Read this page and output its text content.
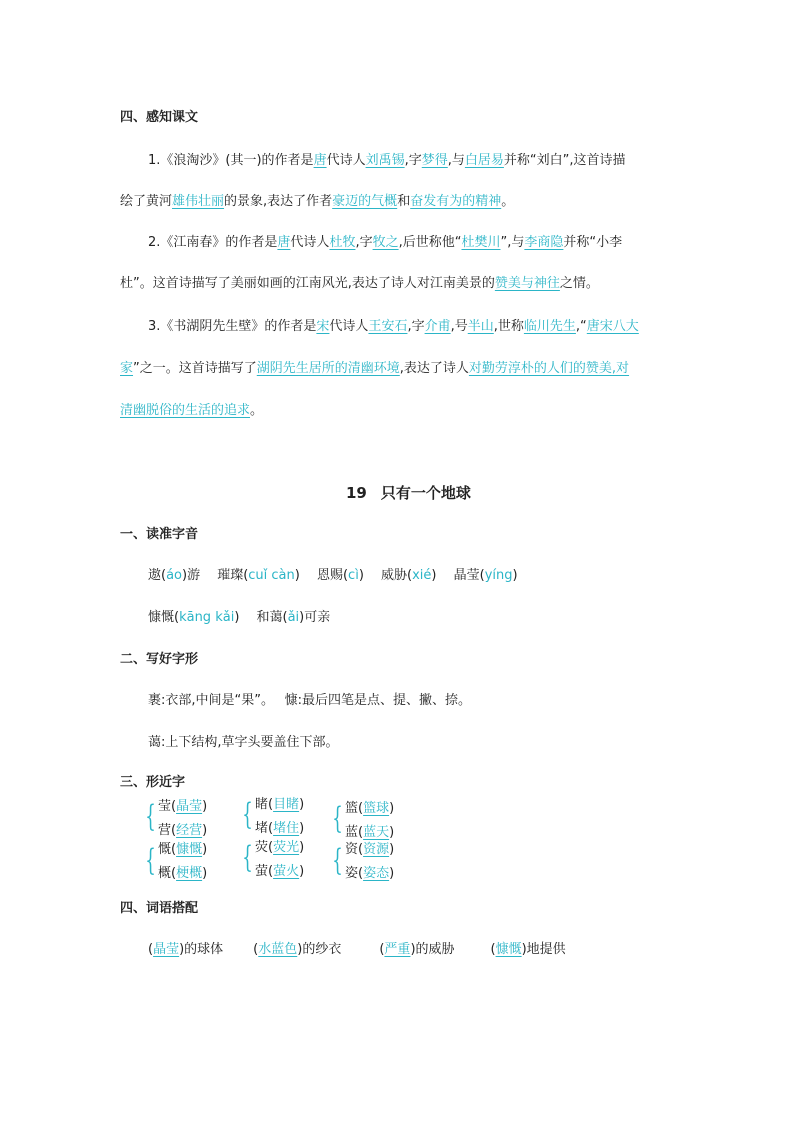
四、感知课文
1.《浪淘沙》(其一)的作者是唐代诗人刘禹锡,字梦得,与白居易并称“刘白”,这首诗描
绘了黄河雄伟壮丽的景象,表达了作者豪迈的气概和奋发有为的精神。
2.《江南春》的作者是唐代诗人杜牧,字牧之,后世称他“杜樊川”,与李商隐并称“小李
杜”。这首诗描写了美丽如画的江南风光,表达了诗人对江南美景的赞美与神往之情。
3.《书湖阴先生壁》的作者是宋代诗人王安石,字介甫,号半山,世称临川先生,“唐宋八大
家”之一。这首诗描写了湖阴先生居所的清幽环境,表达了诗人对勤劳淳朴的人们的赞美,对
清幽脱俗的生活的追求。
19 只有一个地球
一、读准字音
遨(áo)游　 璀璨(cuǐ càn)　 恩赐(cì)　 威胁(xié)　 晶莹(yíng)
慷慨(kāng kǎi)　 和蔼(ǎi)可亲
二、写好字形
裹:衣部,中间是“果”。　 慷:最后四笔是点、提、撇、捺。
蔼:上下结构,草字头要盖住下部。
三、形近字
{ 莹(晶莹)
营(经营) { 睹(目睹)
堵(堵住) { 篮(篮球)
蓝(蓝天)
{ 慨(慷慨)
概(梗概) { 荧(荧光)
萤(萤火) { 资(资源)
姿(姿态)
四、词语搭配
(晶莹)的球体 (水蓝色)的纱衣	(严重)的威胁	(慷慨)地提供
